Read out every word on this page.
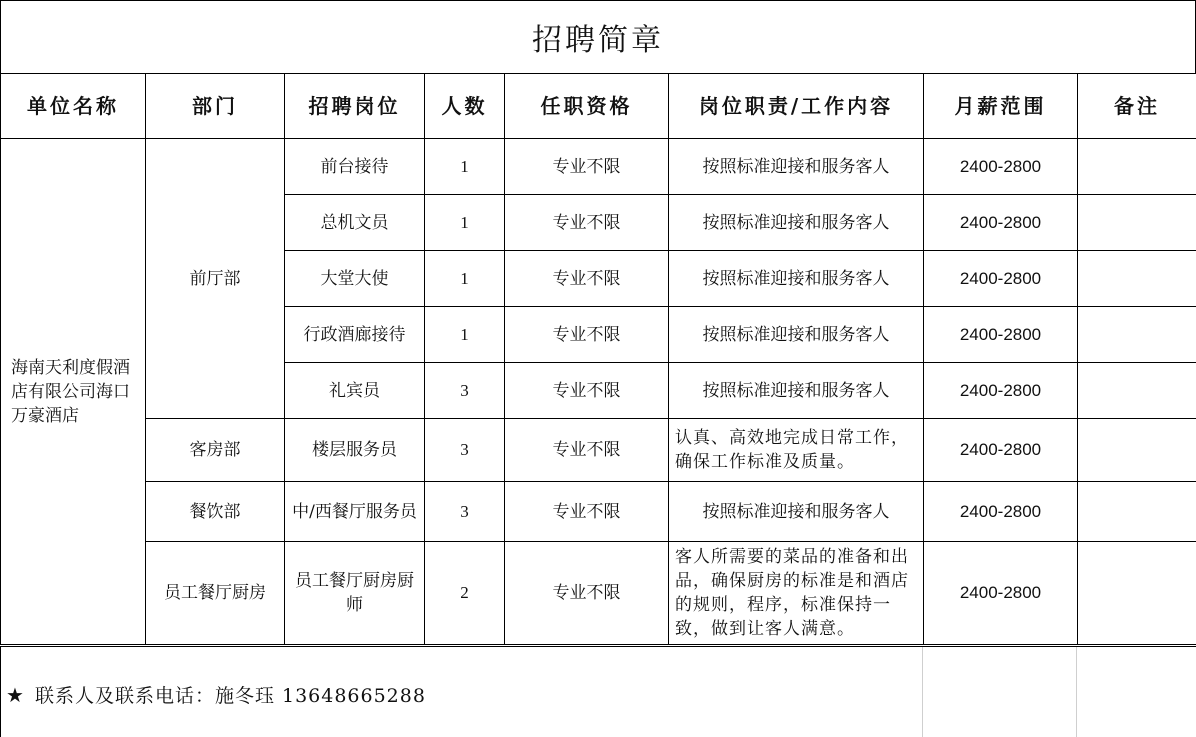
招聘简章
单位名称	部门	招聘岗位	人数	任职资格	岗位职责/工作内容	月薪范围	备注
海南天利度假酒店有限公司海口万豪酒店	前厅部	前台接待	1	专业不限	按照标准迎接和服务客人	2400-2800	
		总机文员	1	专业不限	按照标准迎接和服务客人	2400-2800	
		大堂大使	1	专业不限	按照标准迎接和服务客人	2400-2800	
		行政酒廊接待	1	专业不限	按照标准迎接和服务客人	2400-2800	
		礼宾员	3	专业不限	按照标准迎接和服务客人	2400-2800	
	客房部	楼层服务员	3	专业不限	认真、高效地完成日常工作，确保工作标准及质量。	2400-2800	
	餐饮部	中/西餐厅服务员	3	专业不限	按照标准迎接和服务客人	2400-2800	
	员工餐厅厨房	员工餐厅厨房厨师	2	专业不限	客人所需要的菜品的准备和出品，确保厨房的标准是和酒店的规则，程序，标准保持一致，做到让客人满意。	2400-2800	
★ 联系人及联系电话：施冬珏 13648665288
